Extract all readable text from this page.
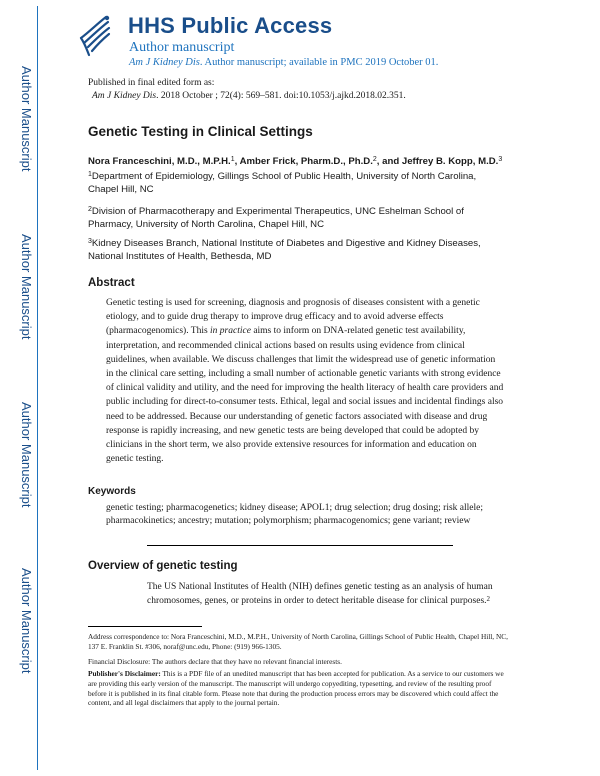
Author Manuscript
Author Manuscript
Author Manuscript
Author Manuscript
HHS Public Access
Author manuscript
Am J Kidney Dis. Author manuscript; available in PMC 2019 October 01.
Published in final edited form as:
Am J Kidney Dis. 2018 October ; 72(4): 569–581. doi:10.1053/j.ajkd.2018.02.351.
Genetic Testing in Clinical Settings
Nora Franceschini, M.D., M.P.H.$^1$, Amber Frick, Pharm.D., Ph.D.$^2$, and Jeffrey B. Kopp, M.D.$^3$
$^1$Department of Epidemiology, Gillings School of Public Health, University of North Carolina, Chapel Hill, NC
$^2$Division of Pharmacotherapy and Experimental Therapeutics, UNC Eshelman School of Pharmacy, University of North Carolina, Chapel Hill, NC
$^3$Kidney Diseases Branch, National Institute of Diabetes and Digestive and Kidney Diseases, National Institutes of Health, Bethesda, MD
Abstract

Genetic testing is used for screening, diagnosis and prognosis of diseases consistent with a genetic etiology, and to guide drug therapy to improve drug efficacy and to avoid adverse effects (pharmacogenomics). This in practice aims to inform on DNA-related genetic test availability, interpretation, and recommended clinical actions based on results using evidence from clinical guidelines, when available. We discuss challenges that limit the widespread use of genetic information in the clinical care setting, including a small number of actionable genetic variants with strong evidence of clinical validity and utility, and the need for improving the health literacy of health care providers and public including for direct-to-consumer tests. Ethical, legal and social issues and incidental findings also need to be addressed. Because our understanding of genetic factors associated with disease and drug response is rapidly increasing, and new genetic tests are being developed that could be adopted by clinicians in the short term, we also provide extensive resources for information and education on genetic testing.

Keywords

genetic testing; pharmacogenetics; kidney disease; APOL1; drug selection; drug dosing; risk allele; pharmacokinetics; ancestry; mutation; polymorphism; pharmacogenomics; gene variant; review

Overview of genetic testing

The US National Institutes of Health (NIH) defines genetic testing as an analysis of human chromosomes, genes, or proteins in order to detect heritable disease for clinical purposes.$^2$

Address correspondence to: Nora Franceschini, M.D., M.P.H., University of North Carolina, Gillings School of Public Health, Chapel Hill, NC, 137 E. Franklin St. #306, noraf@unc.edu, Phone: (919) 966-1305.

Financial Disclosure: The authors declare that they have no relevant financial interests.

Publisher's Disclaimer: This is a PDF file of an unedited manuscript that has been accepted for publication. As a service to our customers we are providing this early version of the manuscript. The manuscript will undergo copyediting, typesetting, and review of the resulting proof before it is published in its final citable form. Please note that during the production process errors may be discovered which could affect the content, and all legal disclaimers that apply to the journal pertain.
